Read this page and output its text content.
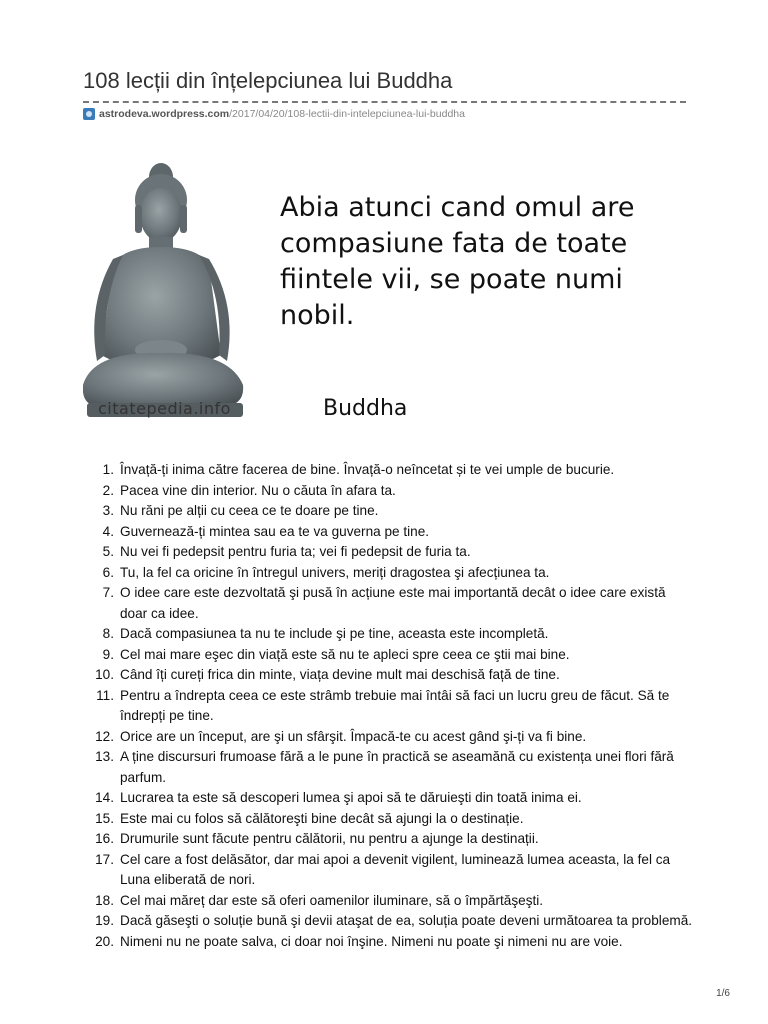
108 lecții din înțelepciunea lui Buddha
astrodeva.wordpress.com /2017/04/20/108-lectii-din-intelepciunea-lui-buddha
Abia atunci cand omul are compasiune fata de toate fiintele vii, se poate numi nobil.
Buddha
citatepedia.info
1. Învață-ți inima către facerea de bine. Învață-o neîncetat și te vei umple de bucurie.
2. Pacea vine din interior. Nu o căuta în afara ta.
3. Nu răni pe alții cu ceea ce te doare pe tine.
4. Guvernează-ți mintea sau ea te va guverna pe tine.
5. Nu vei fi pedepsit pentru furia ta; vei fi pedepsit de furia ta.
6. Tu, la fel ca oricine în întregul univers, meriți dragostea şi afecțiunea ta.
7. O idee care este dezvoltată şi pusă în acțiune este mai importantă decât o idee care există doar ca idee.
8. Dacă compasiunea ta nu te include şi pe tine, aceasta este incompletă.
9. Cel mai mare eşec din viață este să nu te apleci spre ceea ce ştii mai bine.
10. Când îți cureți frica din minte, viața devine mult mai deschisă față de tine.
11. Pentru a îndrepta ceea ce este strâmb trebuie mai întâi să faci un lucru greu de făcut. Să te îndrepți pe tine.
12. Orice are un început, are şi un sfârşit. Împacă-te cu acest gând şi-ți va fi bine.
13. A ține discursuri frumoase fără a le pune în practică se aseamănă cu existența unei flori fără parfum.
14. Lucrarea ta este să descoperi lumea şi apoi să te dăruieşti din toată inima ei.
15. Este mai cu folos să călătoreşti bine decât să ajungi la o destinație.
16. Drumurile sunt făcute pentru călătorii, nu pentru a ajunge la destinații.
17. Cel care a fost delăsător, dar mai apoi a devenit vigilent, luminează lumea aceasta, la fel ca Luna eliberată de nori.
18. Cel mai măreț dar este să oferi oamenilor iluminare, să o împărtăşeşti.
19. Dacă găseşti o soluție bună şi devii ataşat de ea, soluția poate deveni următoarea ta problemă.
20. Nimeni nu ne poate salva, ci doar noi înşine. Nimeni nu poate şi nimeni nu are voie.
1/6
